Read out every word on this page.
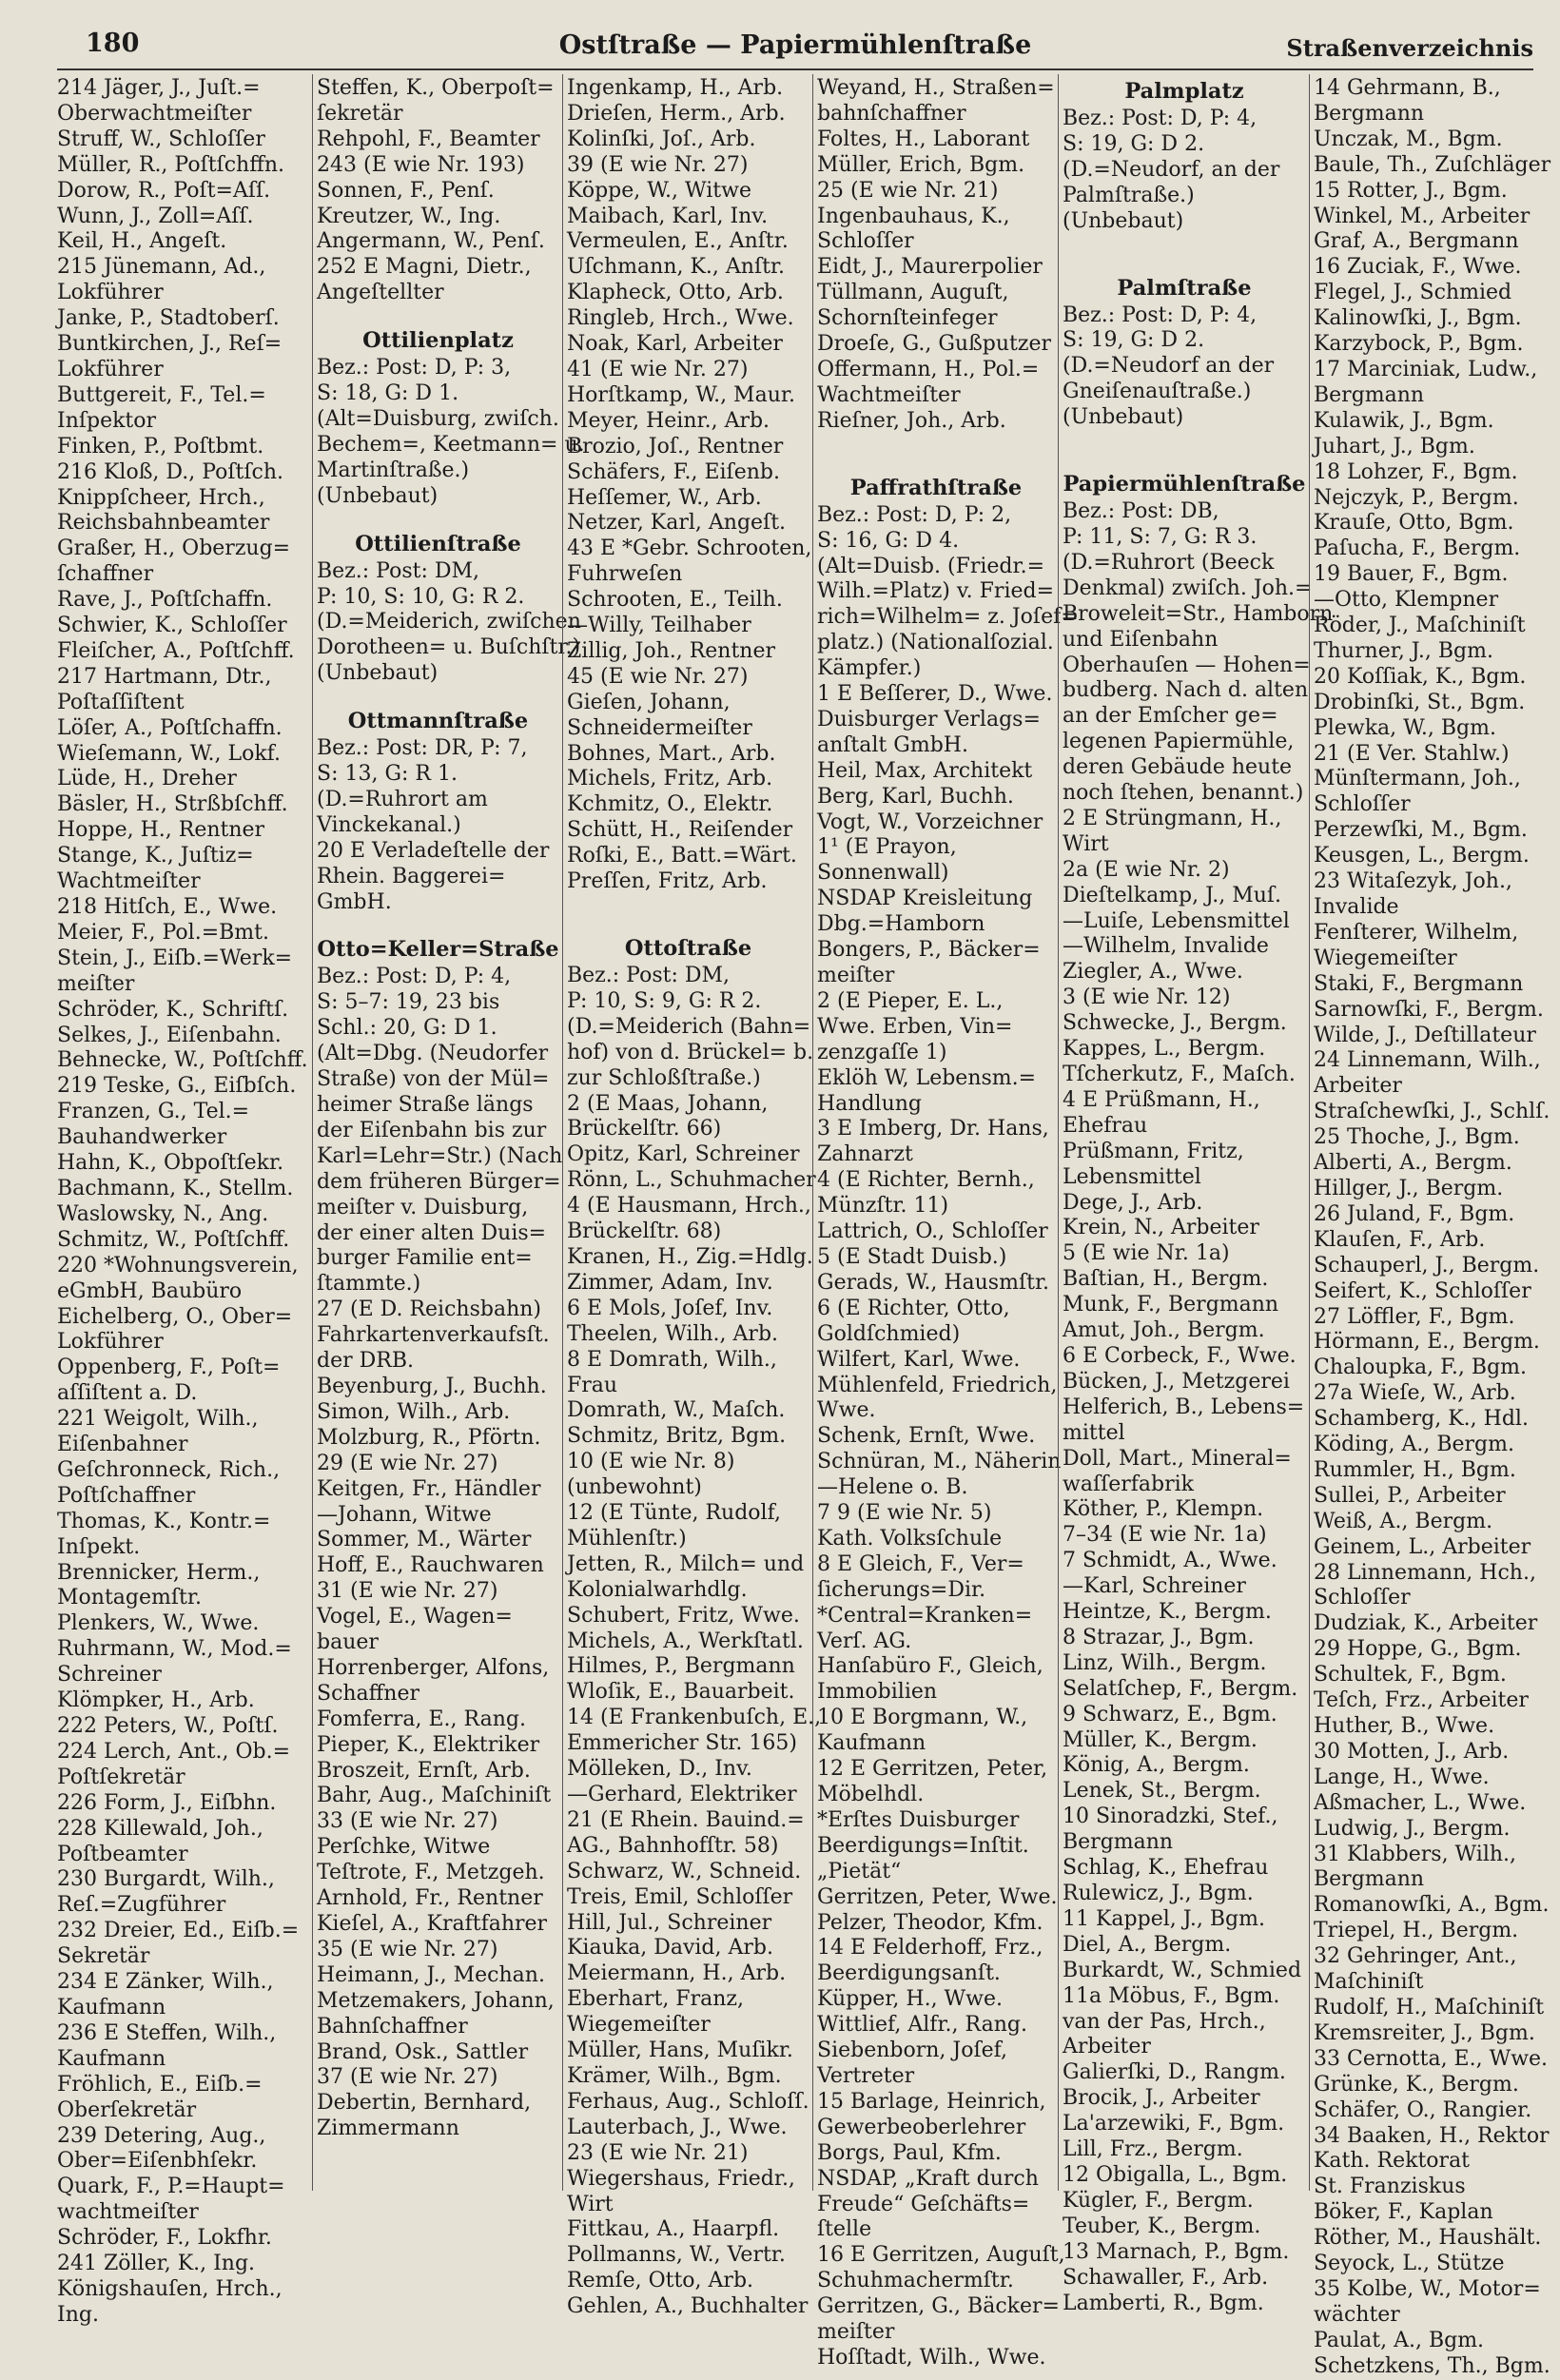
180	Ostſtraße — Papiermühlenſtraße	Straßenverzeichnis
214 Jäger, J., Juſt.=
Oberwachtmeiſter
Struff, W., Schloſſer
Müller, R., Poſtſchffn.
Dorow, R., Poſt=Aſſ.
Wunn, J., Zoll=Aſſ.
Keil, H., Angeſt.
215 Jünemann, Ad.,
Lokführer
Janke, P., Stadtoberſ.
Buntkirchen, J., Reſ=
Lokführer
Buttgereit, F., Tel.=
Inſpektor
Finken, P., Poſtbmt.
216 Kloß, D., Poſtſch.
Knippſcheer, Hrch.,
Reichsbahnbeamter
Graßer, H., Oberzug=
ſchaffner
Rave, J., Poſtſchaffn.
Schwier, K., Schloſſer
Fleiſcher, A., Poſtſchff.
217 Hartmann, Dtr.,
Poſtaſſiſtent
Löſer, A., Poſtſchaffn.
Wieſemann, W., Lokf.
Lüde, H., Dreher
Bäsler, H., Strßbſchff.
Hoppe, H., Rentner
Stange, K., Juſtiz=
Wachtmeiſter
218 Hitſch, E., Wwe.
Meier, F., Pol.=Bmt.
Stein, J., Eiſb.=Werk=
meiſter
Schröder, K., Schriftſ.
Selkes, J., Eiſenbahn.
Behnecke, W., Poſtſchff.
219 Teske, G., Eiſbſch.
Franzen, G., Tel.=
Bauhandwerker
Hahn, K., Obpoſtſekr.
Bachmann, K., Stellm.
Waslowsky, N., Ang.
Schmitz, W., Poſtſchff.
220 *Wohnungsverein,
eGmbH, Baubüro
Eichelberg, O., Ober=
Lokführer
Oppenberg, F., Poſt=
aſſiſtent a. D.
221 Weigolt, Wilh.,
Eiſenbahner
Geſchronneck, Rich.,
Poſtſchaffner
Thomas, K., Kontr.=
Inſpekt.
Brennicker, Herm.,
Montagemſtr.
Plenkers, W., Wwe.
Ruhrmann, W., Mod.=
Schreiner
Klömpker, H., Arb.
222 Peters, W., Poſtſ.
224 Lerch, Ant., Ob.=
Poſtſekretär
226 Form, J., Eiſbhn.
228 Killewald, Joh.,
Poſtbeamter
230 Burgardt, Wilh.,
Reſ.=Zugführer
232 Dreier, Ed., Eiſb.=
Sekretär
234 E Zänker, Wilh.,
Kaufmann
236 E Steffen, Wilh.,
Kaufmann
Fröhlich, E., Eiſb.=
Oberſekretär
239 Detering, Aug.,
Ober=Eiſenbhſekr.
Quark, F., P.=Haupt=
wachtmeiſter
Schröder, F., Lokfhr.
241 Zöller, K., Ing.
Königshauſen, Hrch.,
Ing.
Steffen, K., Oberpoſt=
ſekretär
Rehpohl, F., Beamter
243 (E wie Nr. 193)
Sonnen, F., Penſ.
Kreutzer, W., Ing.
Angermann, W., Penſ.
252 E Magni, Dietr.,
Angeſtellter
Ottilienplatz
Bez.: Post: D, P: 3,
S: 18, G: D 1.
(Alt=Duisburg, zwiſch.
Bechem=, Keetmann= u.
Martinſtraße.)
(Unbebaut)
Ottilienſtraße
Bez.: Post: DM,
P: 10, S: 10, G: R 2.
(D.=Meiderich, zwiſchen
Dorotheen= u. Buſchſtr.)
(Unbebaut)
Ottmannſtraße
Bez.: Post: DR, P: 7,
S: 13, G: R 1.
(D.=Ruhrort am
Vinckekanal.)
20 E Verladeſtelle der
Rhein. Baggerei=
GmbH.
Otto=Keller=Straße
Bez.: Post: D, P: 4,
S: 5–7: 19, 23 bis
Schl.: 20, G: D 1.
(Alt=Dbg. (Neudorfer
Straße) von der Mül=
heimer Straße längs
der Eiſenbahn bis zur
Karl=Lehr=Str.) (Nach
dem früheren Bürger=
meiſter v. Duisburg,
der einer alten Duis=
burger Familie ent=
ſtammte.)
27 (E D. Reichsbahn)
Fahrkartenverkaufsſt.
der DRB.
Beyenburg, J., Buchh.
Simon, Wilh., Arb.
Molzburg, R., Pförtn.
29 (E wie Nr. 27)
Keitgen, Fr., Händler
—Johann, Witwe
Sommer, M., Wärter
Hoff, E., Rauchwaren
31 (E wie Nr. 27)
Vogel, E., Wagen=
bauer
Horrenberger, Alfons,
Schaffner
Fomferra, E., Rang.
Pieper, K., Elektriker
Broszeit, Ernſt, Arb.
Bahr, Aug., Maſchiniſt
33 (E wie Nr. 27)
Perſchke, Witwe
Teſtrote, F., Metzgeh.
Arnhold, Fr., Rentner
Kieſel, A., Kraftfahrer
35 (E wie Nr. 27)
Heimann, J., Mechan.
Metzemakers, Johann,
Bahnſchaffner
Brand, Osk., Sattler
37 (E wie Nr. 27)
Debertin, Bernhard,
Zimmermann
Ingenkamp, H., Arb.
Drieſen, Herm., Arb.
Kolinſki, Joſ., Arb.
39 (E wie Nr. 27)
Köppe, W., Witwe
Maibach, Karl, Inv.
Vermeulen, E., Anſtr.
Uſchmann, K., Anſtr.
Klapheck, Otto, Arb.
Ringleb, Hrch., Wwe.
Noak, Karl, Arbeiter
41 (E wie Nr. 27)
Horſtkamp, W., Maur.
Meyer, Heinr., Arb.
Brozio, Joſ., Rentner
Schäfers, F., Eiſenb.
Heſſemer, W., Arb.
Netzer, Karl, Angeſt.
43 E *Gebr. Schrooten,
Fuhrweſen
Schrooten, E., Teilh.
—Willy, Teilhaber
Zillig, Joh., Rentner
45 (E wie Nr. 27)
Gieſen, Johann,
Schneidermeiſter
Bohnes, Mart., Arb.
Michels, Fritz, Arb.
Kchmitz, O., Elektr.
Schütt, H., Reiſender
Roſki, E., Batt.=Wärt.
Preſſen, Fritz, Arb.
Ottoſtraße
Bez.: Post: DM,
P: 10, S: 9, G: R 2.
(D.=Meiderich (Bahn=
hof) von d. Brückel= b.
zur Schloßſtraße.)
2 (E Maas, Johann,
Brückelſtr. 66)
Opitz, Karl, Schreiner
Rönn, L., Schuhmacher
4 (E Hausmann, Hrch.,
Brückelſtr. 68)
Kranen, H., Zig.=Hdlg.
Zimmer, Adam, Inv.
6 E Mols, Joſef, Inv.
Theelen, Wilh., Arb.
8 E Domrath, Wilh.,
Frau
Domrath, W., Maſch.
Schmitz, Britz, Bgm.
10 (E wie Nr. 8)
(unbewohnt)
12 (E Tünte, Rudolf,
Mühlenſtr.)
Jetten, R., Milch= und
Kolonialwarhdlg.
Schubert, Fritz, Wwe.
Michels, A., Werkſtatl.
Hilmes, P., Bergmann
Wloſik, E., Bauarbeit.
14 (E Frankenbuſch, E.,
Emmericher Str. 165)
Mölleken, D., Inv.
—Gerhard, Elektriker
21 (E Rhein. Bauind.=
AG., Bahnhofſtr. 58)
Schwarz, W., Schneid.
Treis, Emil, Schloſſer
Hill, Jul., Schreiner
Kiauka, David, Arb.
Meiermann, H., Arb.
Eberhart, Franz,
Wiegemeiſter
Müller, Hans, Muſikr.
Krämer, Wilh., Bgm.
Ferhaus, Aug., Schloſſ.
Lauterbach, J., Wwe.
23 (E wie Nr. 21)
Wiegershaus, Friedr.,
Wirt
Fittkau, A., Haarpfl.
Pollmanns, W., Vertr.
Remſe, Otto, Arb.
Gehlen, A., Buchhalter
Weyand, H., Straßen=
bahnſchaffner
Foltes, H., Laborant
Müller, Erich, Bgm.
25 (E wie Nr. 21)
Ingenbauhaus, K.,
Schloſſer
Eidt, J., Maurerpolier
Tüllmann, Auguſt,
Schornſteinfeger
Droeſe, G., Gußputzer
Offermann, H., Pol.=
Wachtmeiſter
Rieſner, Joh., Arb.
Paffrathſtraße
Bez.: Post: D, P: 2,
S: 16, G: D 4.
(Alt=Duisb. (Friedr.=
Wilh.=Platz) v. Fried=
rich=Wilhelm= z. Joſef=
platz.) (Nationalſozial.
Kämpfer.)
1 E Beſſerer, D., Wwe.
Duisburger Verlags=
anſtalt GmbH.
Heil, Max, Architekt
Berg, Karl, Buchh.
Vogt, W., Vorzeichner
1¹ (E Prayon,
Sonnenwall)
NSDAP Kreisleitung
Dbg.=Hamborn
Bongers, P., Bäcker=
meiſter
2 (E Pieper, E. L.,
Wwe. Erben, Vin=
zenzgaſſe 1)
Eklöh W, Lebensm.=
Handlung
3 E Imberg, Dr. Hans,
Zahnarzt
4 (E Richter, Bernh.,
Münzſtr. 11)
Lattrich, O., Schloſſer
5 (E Stadt Duisb.)
Gerads, W., Hausmſtr.
6 (E Richter, Otto,
Goldſchmied)
Wilfert, Karl, Wwe.
Mühlenfeld, Friedrich,
Wwe.
Schenk, Ernſt, Wwe.
Schnüran, M., Näherin
—Helene o. B.
7 9 (E wie Nr. 5)
Kath. Volksſchule
8 E Gleich, F., Ver=
ſicherungs=Dir.
*Central=Kranken=
Verſ. AG.
Hanſabüro F., Gleich,
Immobilien
10 E Borgmann, W.,
Kaufmann
12 E Gerritzen, Peter,
Möbelhdl.
*Erſtes Duisburger
Beerdigungs=Inſtit.
„Pietät“
Gerritzen, Peter, Wwe.
Pelzer, Theodor, Kfm.
14 E Felderhoff, Frz.,
Beerdigungsanſt.
Küpper, H., Wwe.
Wittlief, Alfr., Rang.
Siebenborn, Joſef,
Vertreter
15 Barlage, Heinrich,
Gewerbeoberlehrer
Borgs, Paul, Kfm.
NSDAP, „Kraft durch
Freude“ Geſchäfts=
ſtelle
16 E Gerritzen, Auguſt,
Schuhmachermſtr.
Gerritzen, G., Bäcker=
meiſter
Hoſſtadt, Wilh., Wwe.
Palmplatz
Bez.: Post: D, P: 4,
S: 19, G: D 2.
(D.=Neudorf, an der
Palmſtraße.)
(Unbebaut)
Palmſtraße
Bez.: Post: D, P: 4,
S: 19, G: D 2.
(D.=Neudorf an der
Gneiſenauſtraße.)
(Unbebaut)
Papiermühlenſtraße
Bez.: Post: DB,
P: 11, S: 7, G: R 3.
(D.=Ruhrort (Beeck
Denkmal) zwiſch. Joh.=
Broweleit=Str., Hamborn
und Eiſenbahn
Oberhauſen — Hohen=
budberg. Nach d. alten
an der Emſcher ge=
legenen Papiermühle,
deren Gebäude heute
noch ſtehen, benannt.)
2 E Strüngmann, H.,
Wirt
2a (E wie Nr. 2)
Dieſtelkamp, J., Muſ.
—Luiſe, Lebensmittel
—Wilhelm, Invalide
Ziegler, A., Wwe.
3 (E wie Nr. 12)
Schwecke, J., Bergm.
Kappes, L., Bergm.
Tſcherkutz, F., Maſch.
4 E Prüßmann, H.,
Ehefrau
Prüßmann, Fritz,
Lebensmittel
Dege, J., Arb.
Krein, N., Arbeiter
5 (E wie Nr. 1a)
Baſtian, H., Bergm.
Munk, F., Bergmann
Amut, Joh., Bergm.
6 E Corbeck, F., Wwe.
Bücken, J., Metzgerei
Helferich, B., Lebens=
mittel
Doll, Mart., Mineral=
waſſerfabrik
Köther, P., Klempn.
7–34 (E wie Nr. 1a)
7 Schmidt, A., Wwe.
—Karl, Schreiner
Heintze, K., Bergm.
8 Strazar, J., Bgm.
Linz, Wilh., Bergm.
Selatſchep, F., Bergm.
9 Schwarz, E., Bgm.
Müller, K., Bergm.
König, A., Bergm.
Lenek, St., Bergm.
10 Sinoradzki, Stef.,
Bergmann
Schlag, K., Ehefrau
Rulewicz, J., Bgm.
11 Kappel, J., Bgm.
Diel, A., Bergm.
Burkardt, W., Schmied
11a Möbus, F., Bgm.
van der Pas, Hrch.,
Arbeiter
Galierſki, D., Rangm.
Brocik, J., Arbeiter
La'arzewiki, F., Bgm.
Lill, Frz., Bergm.
12 Obigalla, L., Bgm.
Kügler, F., Bergm.
Teuber, K., Bergm.
13 Marnach, P., Bgm.
Schawaller, F., Arb.
Lamberti, R., Bgm.
14 Gehrmann, B.,
Bergmann
Unczak, M., Bgm.
Baule, Th., Zuſchläger
15 Rotter, J., Bgm.
Winkel, M., Arbeiter
Graf, A., Bergmann
16 Zuciak, F., Wwe.
Flegel, J., Schmied
Kalinowſki, J., Bgm.
Karzybock, P., Bgm.
17 Marciniak, Ludw.,
Bergmann
Kulawik, J., Bgm.
Juhart, J., Bgm.
18 Lohzer, F., Bgm.
Nejczyk, P., Bergm.
Krauſe, Otto, Bgm.
Paſucha, F., Bergm.
19 Bauer, F., Bgm.
—Otto, Klempner
Röder, J., Maſchiniſt
Thurner, J., Bgm.
20 Koſſiak, K., Bgm.
Drobinſki, St., Bgm.
Plewka, W., Bgm.
21 (E Ver. Stahlw.)
Münſtermann, Joh.,
Schloſſer
Perzewſki, M., Bgm.
Keusgen, L., Bergm.
23 Witaſezyk, Joh.,
Invalide
Fenſterer, Wilhelm,
Wiegemeiſter
Staki, F., Bergmann
Sarnowſki, F., Bergm.
Wilde, J., Deſtillateur
24 Linnemann, Wilh.,
Arbeiter
Straſchewſki, J., Schlſ.
25 Thoche, J., Bgm.
Alberti, A., Bergm.
Hillger, J., Bergm.
26 Juland, F., Bgm.
Klauſen, F., Arb.
Schauperl, J., Bergm.
Seifert, K., Schloſſer
27 Löffler, F., Bgm.
Hörmann, E., Bergm.
Chaloupka, F., Bgm.
27a Wieſe, W., Arb.
Schamberg, K., Hdl.
Köding, A., Bergm.
Rummler, H., Bgm.
Sullei, P., Arbeiter
Weiß, A., Bergm.
Geinem, L., Arbeiter
28 Linnemann, Hch.,
Schloſſer
Dudziak, K., Arbeiter
29 Hoppe, G., Bgm.
Schultek, F., Bgm.
Teſch, Frz., Arbeiter
Huther, B., Wwe.
30 Motten, J., Arb.
Lange, H., Wwe.
Aßmacher, L., Wwe.
Ludwig, J., Bergm.
31 Klabbers, Wilh.,
Bergmann
Romanowſki, A., Bgm.
Triepel, H., Bergm.
32 Gehringer, Ant.,
Maſchiniſt
Rudolf, H., Maſchiniſt
Kremsreiter, J., Bgm.
33 Cernotta, E., Wwe.
Grünke, K., Bergm.
Schäfer, O., Rangier.
34 Baaken, H., Rektor
Kath. Rektorat
St. Franziskus
Böker, F., Kaplan
Röther, M., Haushält.
Seyock, L., Stütze
35 Kolbe, W., Motor=
wächter
Paulat, A., Bgm.
Schetzkens, Th., Bgm.
